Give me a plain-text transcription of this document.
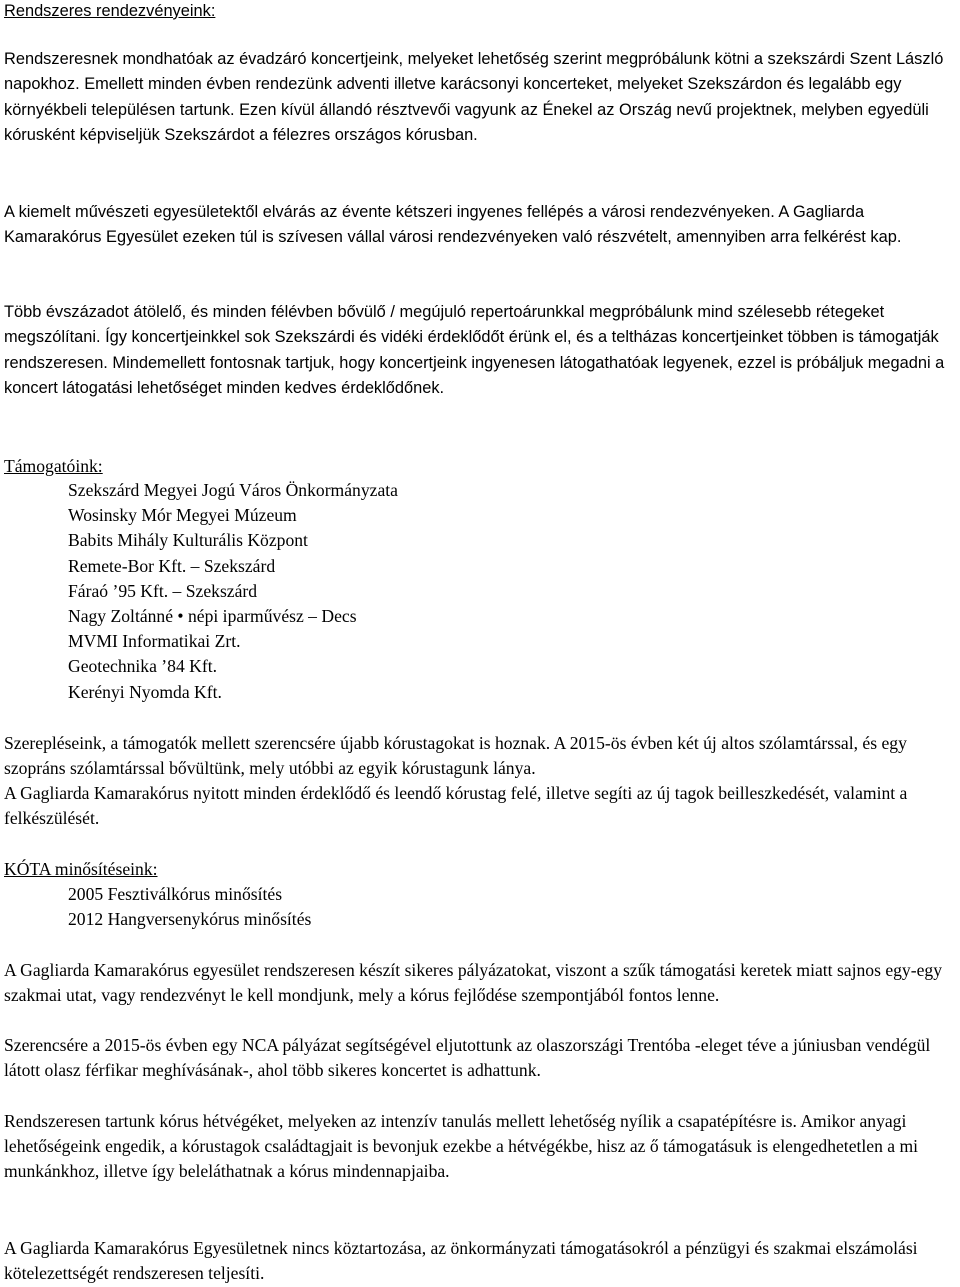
Rendszeres rendezvényeink:

Rendszeresnek mondhatóak az évadzáró koncertjeink, melyeket lehetőség szerint megpróbálunk kötni a szekszárdi Szent László napokhoz. Emellett minden évben rendezünk adventi illetve karácsonyi koncerteket, melyeket Szekszárdon és legalább egy környékbeli településen tartunk. Ezen kívül állandó résztvevői vagyunk az Énekel az Ország nevű projektnek, melyben egyedüli kórusként képviseljük Szekszárdot a félezres országos kórusban.

A kiemelt művészeti egyesületektől elvárás az évente kétszeri ingyenes fellépés a városi rendezvényeken. A Gagliarda Kamarakórus Egyesület ezeken túl is szívesen vállal városi rendezvényeken való részvételt, amennyiben arra felkérést kap.

Több évszázadot átölelő, és minden félévben bővülő / megújuló repertoárunkkal megpróbálunk mind szélesebb rétegeket megszólítani. Így koncertjeinkkel sok Szekszárdi és vidéki érdeklődőt érünk el, és a teltházas koncertjeinket többen is támogatják rendszeresen. Mindemellett fontosnak tartjuk, hogy koncertjeink ingyenesen látogathatóak legyenek, ezzel is próbáljuk megadni a koncert látogatási lehetőséget minden kedves érdeklődőnek.

Támogatóink:

Szekszárd Megyei Jogú Város Önkormányzata
Wosinsky Mór Megyei Múzeum
Babits Mihály Kulturális Központ
Remete-Bor Kft. – Szekszárd
Fáraó ’95 Kft. – Szekszárd
Nagy Zoltánné • népi iparművész – Decs
MVMI Informatikai Zrt.
Geotechnika ’84 Kft.
Kerényi Nyomda Kft.

Szerepléseink, a támogatók mellett szerencsére újabb kórustagokat is hoznak. A 2015-ös évben két új altos szólamtárssal, és egy szopráns szólamtárssal bővültünk, mely utóbbi az egyik kórustagunk lánya.

A Gagliarda Kamarakórus nyitott minden érdeklődő és leendő kórustag felé, illetve segíti az új tagok beilleszkedését, valamint a felkészülését.

KÓTA minősítéseink:

2005 Fesztiválkórus minősítés
2012 Hangversenykórus minősítés

A Gagliarda Kamarakórus egyesület rendszeresen készít sikeres pályázatokat, viszont a szűk támogatási keretek miatt sajnos egy-egy szakmai utat, vagy rendezvényt le kell mondjunk, mely a kórus fejlődése szempontjából fontos lenne.

Szerencsére a 2015-ös évben egy NCA pályázat segítségével eljutottunk az olaszországi Trentóba -eleget téve a júniusban vendégül látott olasz férfikar meghívásának-, ahol több sikeres koncertet is adhattunk.

Rendszeresen tartunk kórus hétvégéket, melyeken az intenzív tanulás mellett lehetőség nyílik a csapatépítésre is. Amikor anyagi lehetőségeink engedik, a kórustagok családtagjait is bevonjuk ezekbe a hétvégékbe, hisz az ő támogatásuk is elengedhetetlen a mi munkánkhoz, illetve így beleláthatnak a kórus mindennapjaiba.

A Gagliarda Kamarakórus Egyesületnek nincs köztartozása, az önkormányzati támogatásokról a pénzügyi és szakmai elszámolási kötelezettségét rendszeresen teljesíti.
